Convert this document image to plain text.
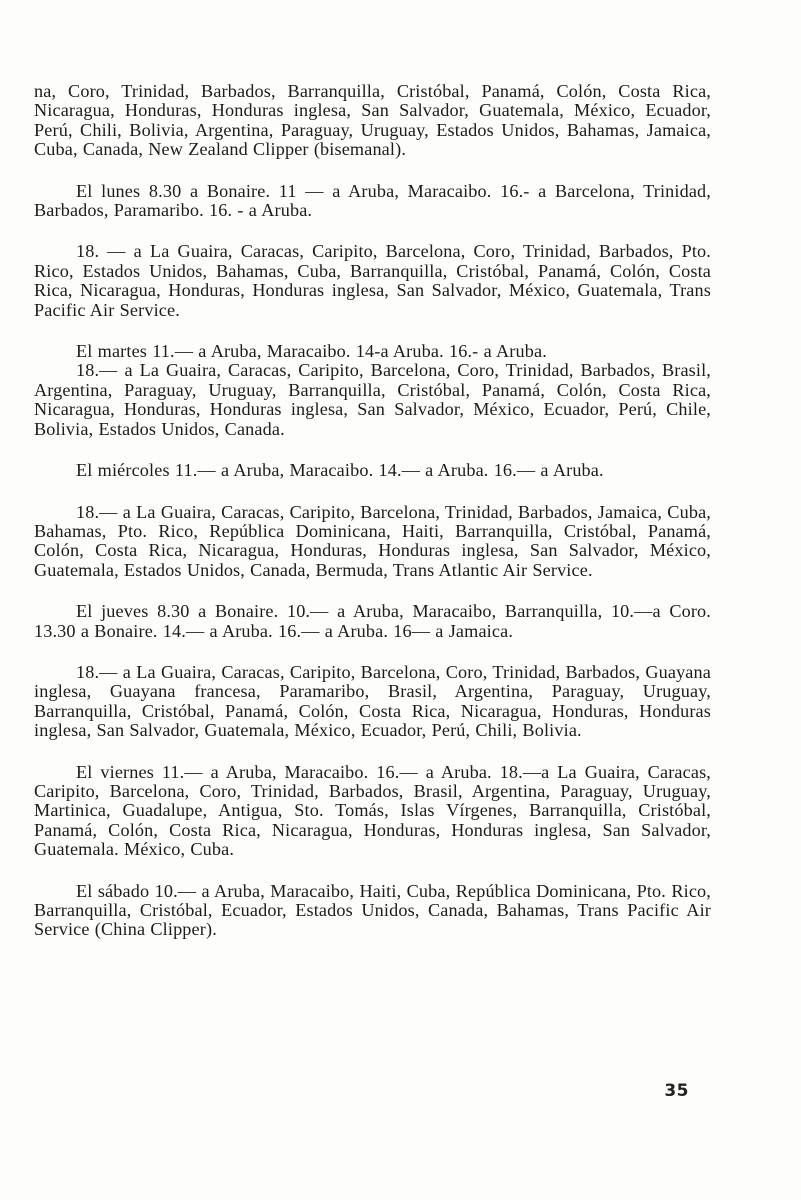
na, Coro, Trinidad, Barbados, Barranquilla, Cristóbal, Panamá, Colón, Costa Rica, Nicaragua, Honduras, Honduras inglesa, San Salvador, Guatemala, México, Ecuador, Perú, Chili, Bolivia, Argentina, Paraguay, Uruguay, Estados Unidos, Bahamas, Jamaica, Cuba, Canada, New Zealand Clipper (bisemanal).

El lunes 8.30 a Bonaire. 11 — a Aruba, Maracaibo. 16.- a Barcelona, Trinidad, Barbados, Paramaribo. 16. - a Aruba.

18. — a La Guaira, Caracas, Caripito, Barcelona, Coro, Trinidad, Barbados, Pto. Rico, Estados Unidos, Bahamas, Cuba, Barranquilla, Cristóbal, Panamá, Colón, Costa Rica, Nicaragua, Honduras, Honduras inglesa, San Salvador, México, Guatemala, Trans Pacific Air Service.

El martes 11.— a Aruba, Maracaibo. 14-a Aruba. 16.- a Aruba.

18.— a La Guaira, Caracas, Caripito, Barcelona, Coro, Trinidad, Barbados, Brasil, Argentina, Paraguay, Uruguay, Barranquilla, Cristóbal, Panamá, Colón, Costa Rica, Nicaragua, Honduras, Honduras inglesa, San Salvador, México, Ecuador, Perú, Chile, Bolivia, Estados Unidos, Canada.

El miércoles 11.— a Aruba, Maracaibo. 14.— a Aruba. 16.— a Aruba.

18.— a La Guaira, Caracas, Caripito, Barcelona, Trinidad, Barbados, Jamaica, Cuba, Bahamas, Pto. Rico, República Dominicana, Haiti, Barranquilla, Cristóbal, Panamá, Colón, Costa Rica, Nicaragua, Honduras, Honduras inglesa, San Salvador, México, Guatemala, Estados Unidos, Canada, Bermuda, Trans Atlantic Air Service.

El jueves 8.30 a Bonaire. 10.— a Aruba, Maracaibo, Barranquilla, 10.—a Coro. 13.30 a Bonaire. 14.— a Aruba. 16.— a Aruba. 16— a Jamaica.

18.— a La Guaira, Caracas, Caripito, Barcelona, Coro, Trinidad, Barbados, Guayana inglesa, Guayana francesa, Paramaribo, Brasil, Argentina, Paraguay, Uruguay, Barranquilla, Cristóbal, Panamá, Colón, Costa Rica, Nicaragua, Honduras, Honduras inglesa, San Salvador, Guatemala, México, Ecuador, Perú, Chili, Bolivia.

El viernes 11.— a Aruba, Maracaibo. 16.— a Aruba. 18.—a La Guaira, Caracas, Caripito, Barcelona, Coro, Trinidad, Barbados, Brasil, Argentina, Paraguay, Uruguay, Martinica, Guadalupe, Antigua, Sto. Tomás, Islas Vírgenes, Barranquilla, Cristóbal, Panamá, Colón, Costa Rica, Nicaragua, Honduras, Honduras inglesa, San Salvador, Guatemala. México, Cuba.

El sábado 10.— a Aruba, Maracaibo, Haiti, Cuba, República Dominicana, Pto. Rico, Barranquilla, Cristóbal, Ecuador, Estados Unidos, Canada, Bahamas, Trans Pacific Air Service (China Clipper).

35
